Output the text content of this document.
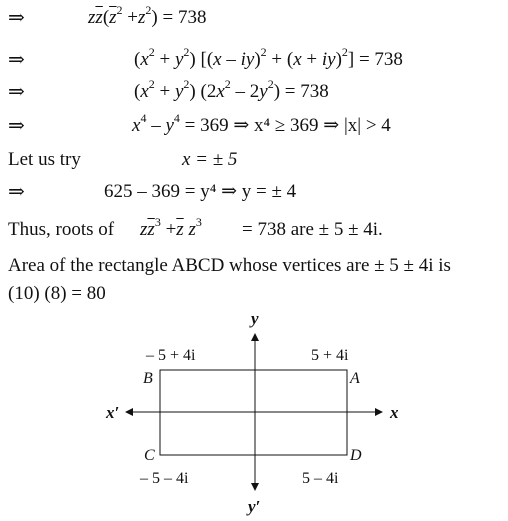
⇒	$z\overline{z}(\overline{z}^2 +z^2) = 738$
⇒	$(x^2 + y^2)$ [(x – iy)$^2$ + (x + iy)$^2$] = 738
⇒	$(x^2 + y^2)$ $(2x^2 - 2y^2) = 738$
⇒	$x^4 - y^4 = 369$ ⇒ x⁴ ≥ 369 ⇒ |x| > 4
Let us try	x = ± 5
⇒	625 – 369 = y⁴ ⇒ y = ± 4
Thus, roots of $z\overline{z}^3 +\overline{z}$ $z^3 = 738$ are ± 5 ± 4i.
Area of the rectangle ABCD whose vertices are ± 5 ± 4i is
(10) (8) = 80
y
y′
x
x′
– 5 + 4i	5 + 4i
– 5 – 4i	5 – 4i
B	A
C	D
